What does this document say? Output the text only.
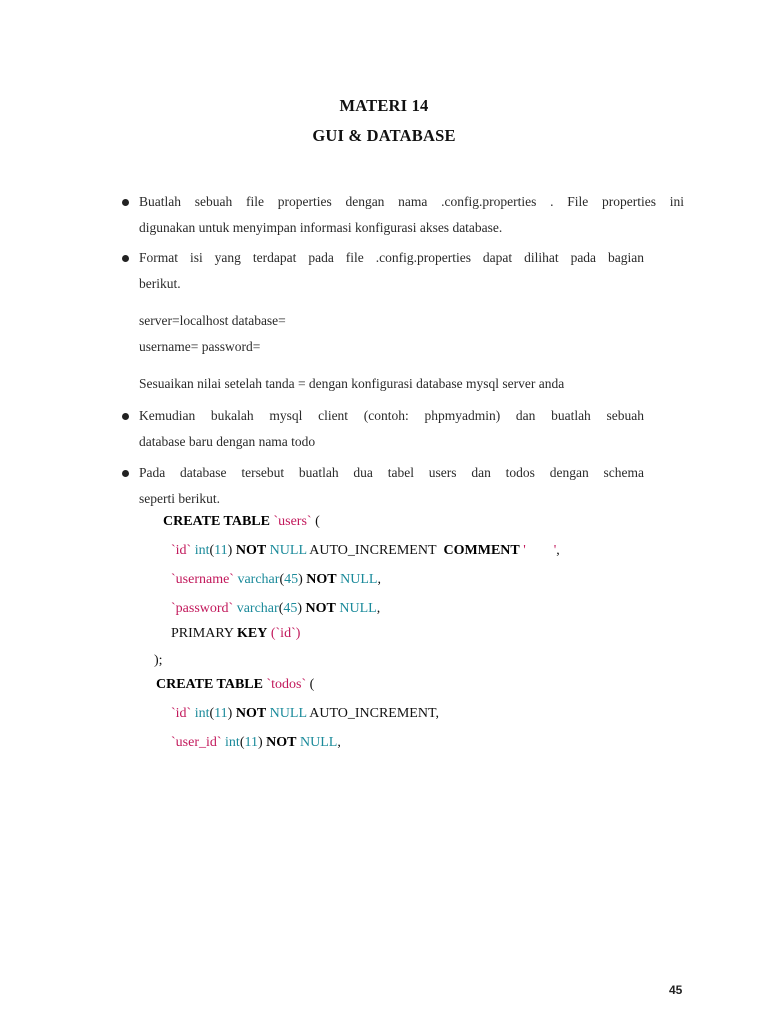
MATERI 14
GUI & DATABASE
Buatlah sebuah file properties dengan nama .config.properties . File properties ini
digunakan untuk menyimpan informasi konfigurasi akses database.
Format isi yang terdapat pada file .config.properties dapat dilihat pada bagian
berikut.
server=localhost database=
username= password=
Sesuaikan nilai setelah tanda = dengan konfigurasi database mysql server anda
Kemudian bukalah mysql client (contoh: phpmyadmin) dan buatlah sebuah
database baru dengan nama todo
Pada database tersebut buatlah dua tabel users dan todos dengan schema
seperti berikut.
CREATE TABLE `users` (
`id` int(11) NOT NULL AUTO_INCREMENT COMMENT '        ',
`username` varchar(45) NOT NULL,
`password` varchar(45) NOT NULL,
PRIMARY KEY (`id`)
);
CREATE TABLE `todos` (
`id` int(11) NOT NULL AUTO_INCREMENT,
`user_id` int(11) NOT NULL,
45
